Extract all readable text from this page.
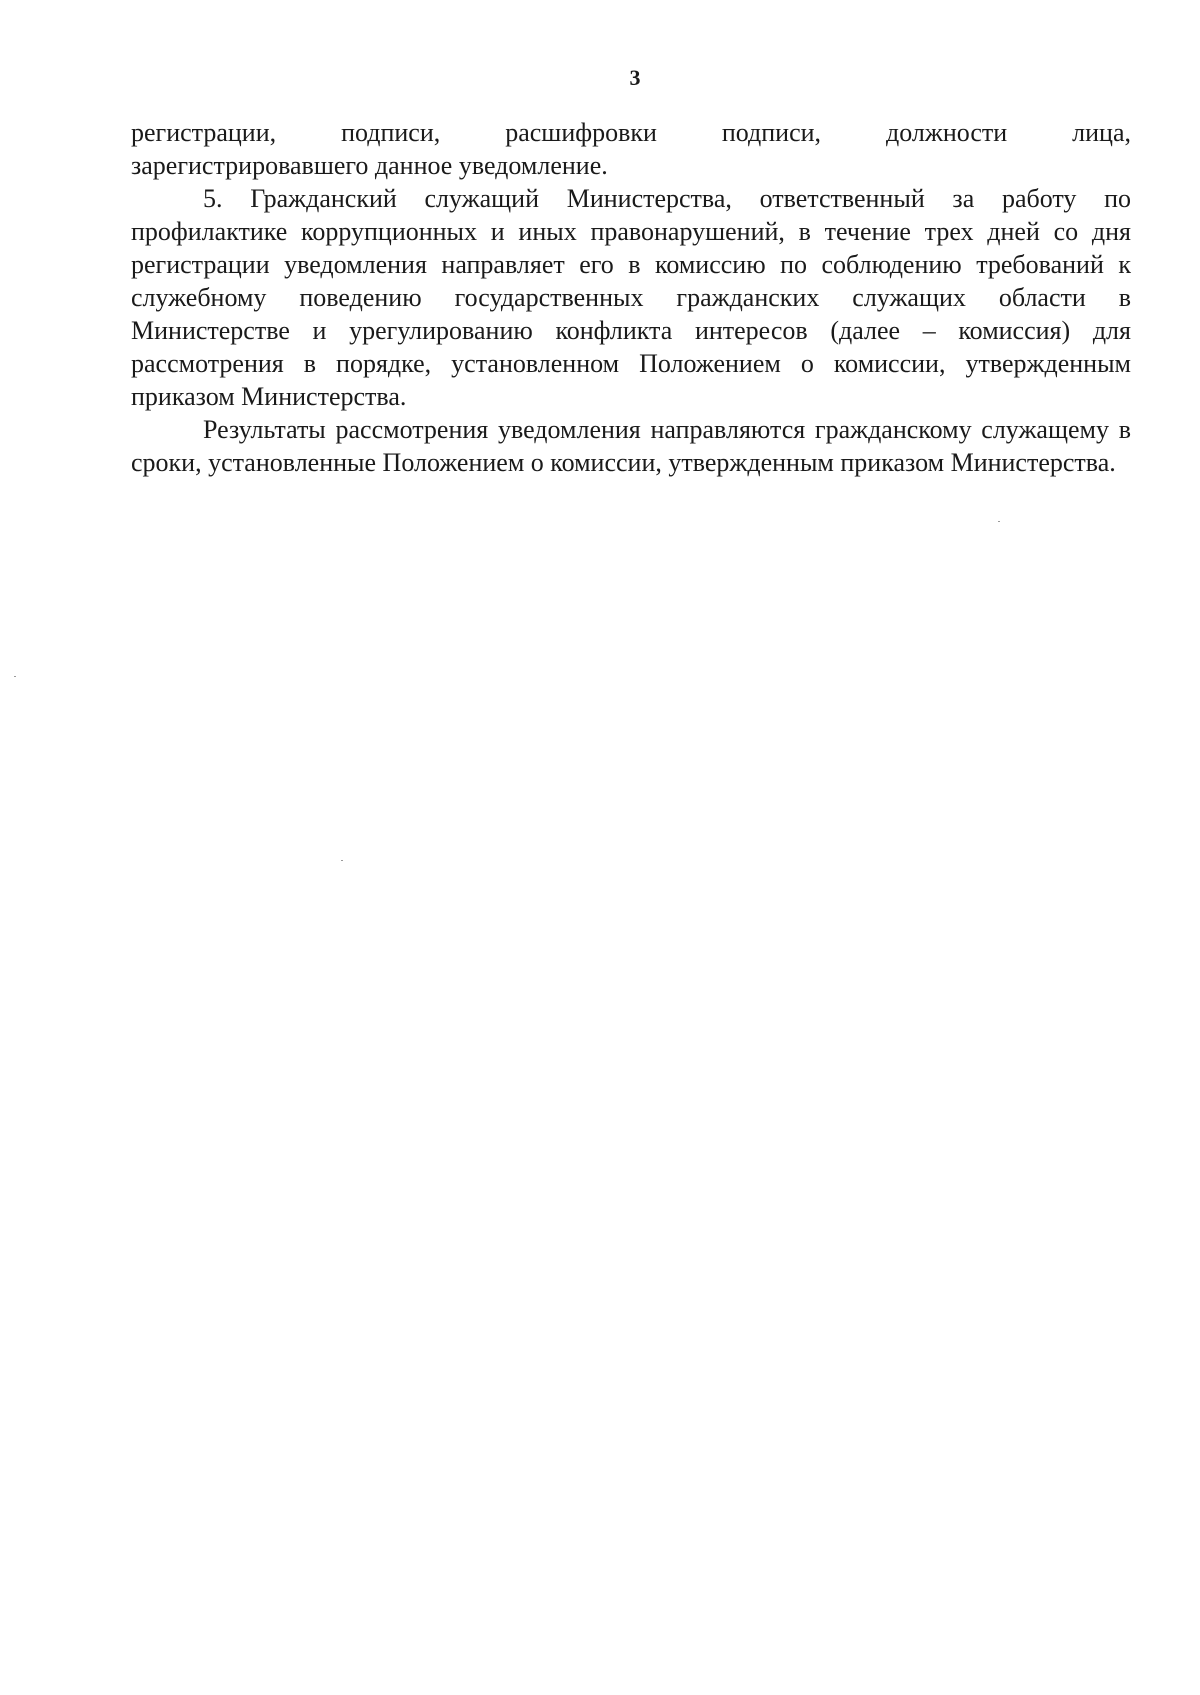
3

регистрации, подписи, расшифровки подписи, должности лица,
зарегистрировавшего данное уведомление.

5. Гражданский служащий Министерства, ответственный за работу по профилактике коррупционных и иных правонарушений, в течение трех дней со дня регистрации уведомления направляет его в комиссию по соблюдению требований к служебному поведению государственных гражданских служащих области в Министерстве и урегулированию конфликта интересов (далее – комиссия) для рассмотрения в порядке, установленном Положением о комиссии, утвержденным приказом Министерства.

Результаты рассмотрения уведомления направляются гражданскому служащему в сроки, установленные Положением о комиссии, утвержденным приказом Министерства.
